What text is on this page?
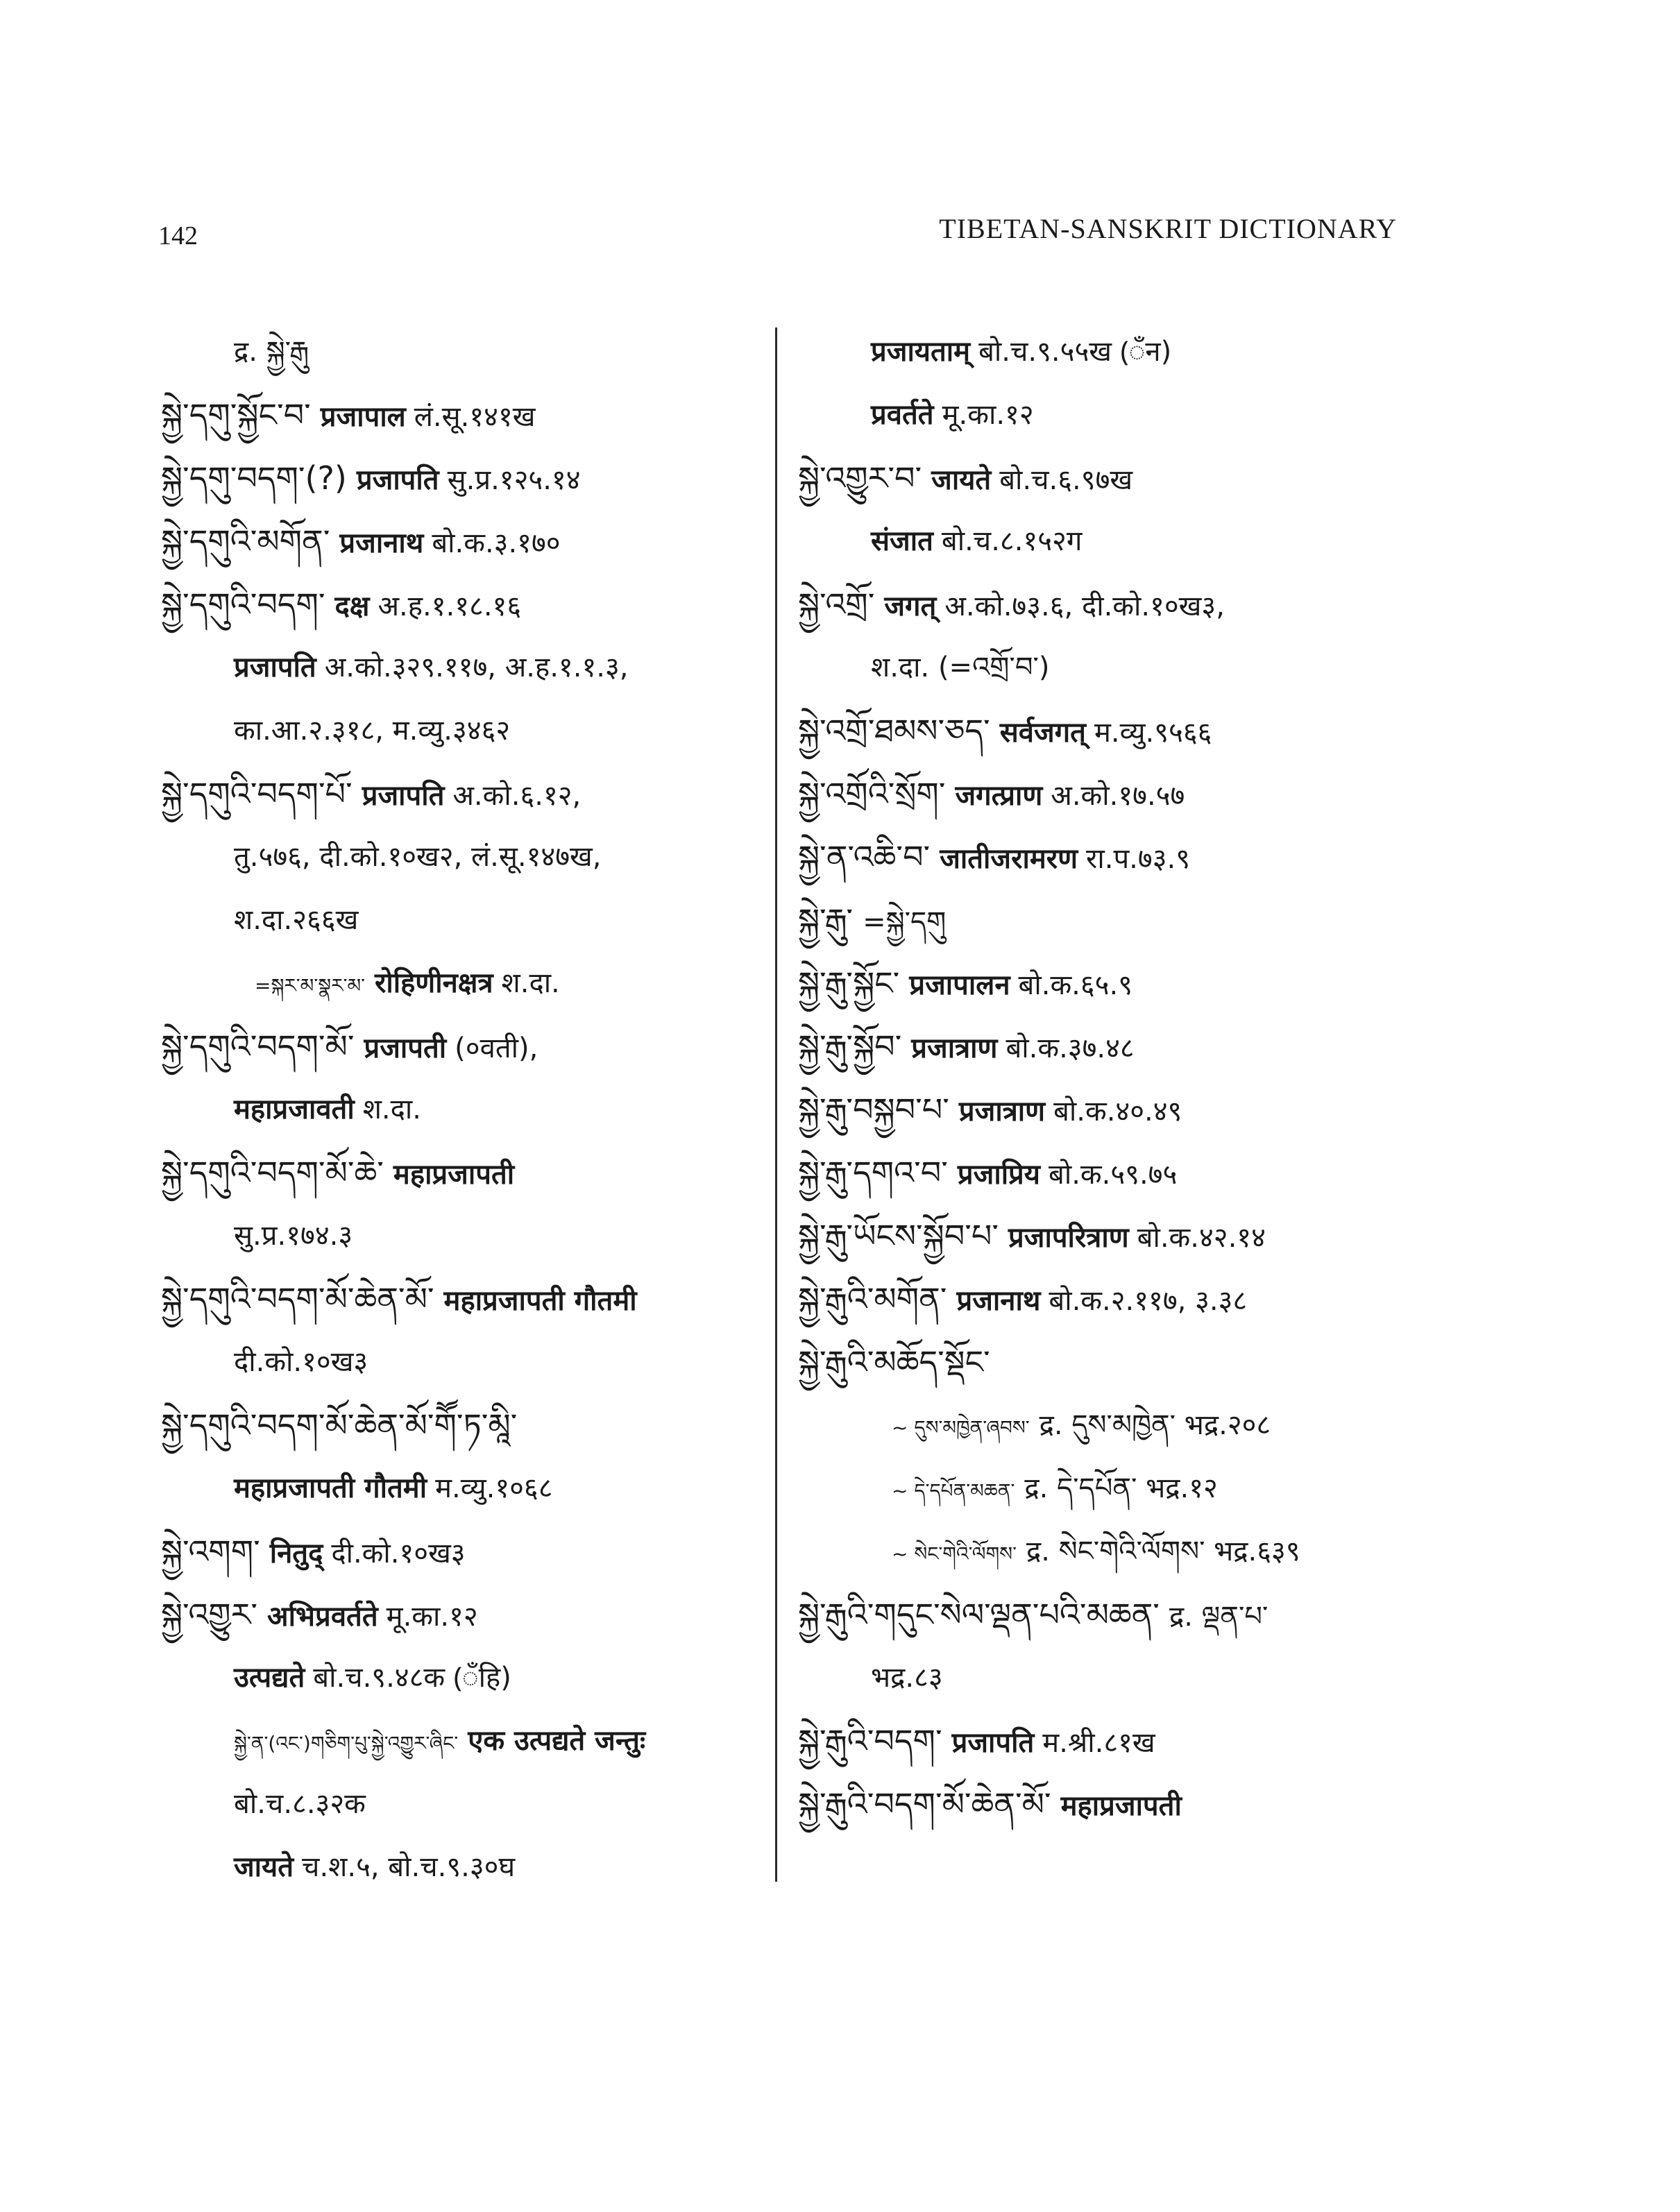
142	TIBETAN-SANSKRIT DICTIONARY
द्र. སྐྱེ་རྒུ
སྐྱེ་དགུ་སྐྱོང་བ་ प्रजापाल लं.सू.१४१ख
སྐྱེ་དགུ་བདག་(?) प्रजापति सु.प्र.१२५.१४
སྐྱེ་དགུའི་མགོན་ प्रजानाथ बो.क.३.१७०
སྐྱེ་དགུའི་བདག་ दक्ष अ.ह.१.१८.१६
प्रजापति अ.को.३२९.११७, अ.ह.१.१.३,
का.आ.२.३१८, म.व्यु.३४६२
སྐྱེ་དགུའི་བདག་པོ་ प्रजापति अ.को.६.१२,
तु.५७६, दी.को.१०ख२, लं.सू.१४७ख,
श.दा.२६६ख
=སྐར་མ་སྣར་མ་ रोहिणीनक्षत्र श.दा.
སྐྱེ་དགུའི་བདག་མོ་ प्रजापती (०वती),
महाप्रजावती श.दा.
སྐྱེ་དགུའི་བདག་མོ་ཆེ་ महाप्रजापती
सु.प्र.१७४.३
སྐྱེ་དགུའི་བདག་མོ་ཆེན་མོ་ महाप्रजापती गौतमी
दी.को.१०ख३
སྐྱེ་དགུའི་བདག་མོ་ཆེན་མོ་གཽ་ཏ་མཱི་
महाप्रजापती गौतमी म.व्यु.१०६८
སྐྱེ་འགག་ नितुद् दी.को.१०ख३
སྐྱེ་འགྱུར་ अभिप्रवर्तते मू.का.१२
उत्पद्यते बो.च.९.४८क (ँहि)
སྐྱེ་ན་(འང་)གཅིག་པུ་སྐྱེ་འགྱུར་ཞིང་ एक उत्पद्यते जन्तुः
बो.च.८.३२क
जायते च.श.५, बो.च.९.३०घ
प्रजायताम् बो.च.९.५५ख (ँन)
प्रवर्तते मू.का.१२
སྐྱེ་འགྱུར་བ་ जायते बो.च.६.९७ख
संजात बो.च.८.१५२ग
སྐྱེ་འགྲོ་ जगत् अ.को.७३.६, दी.को.१०ख३,
श.दा. (=འགྲོ་བ་)
སྐྱེ་འགྲོ་ཐམས་ཅད་ सर्वजगत् म.व्यु.९५६६
སྐྱེ་འགྲོའི་སྲོག་ जगत्प्राण अ.को.१७.५७
སྐྱེ་ན་འཆི་བ་ जातीजरामरण रा.प.७३.९
སྐྱེ་རྒུ་ =སྐྱེ་དགུ
སྐྱེ་རྒུ་སྐྱོང་ प्रजापालन बो.क.६५.९
སྐྱེ་རྒུ་སྐྱོབ་ प्रजात्राण बो.क.३७.४८
སྐྱེ་རྒུ་བསྐྱབ་པ་ प्रजात्राण बो.क.४०.४९
སྐྱེ་རྒུ་དགའ་བ་ प्रजाप्रिय बो.क.५९.७५
སྐྱེ་རྒུ་ཡོངས་སྐྱོབ་པ་ प्रजापरित्राण बो.क.४२.१४
སྐྱེ་རྒུའི་མགོན་ प्रजानाथ बो.क.२.११७, ३.३८
སྐྱེ་རྒུའི་མཆོད་སྡོང་
~ དུས་མཁྱེན་ཞབས་ द्र. དུས་མཁྱེན་ भद्र.२०८
~ དེ་དཔོན་མཆན་ द्र. དེ་དཔོན་ भद्र.१२
~ སེང་གེའི་ལོགས་ द्र. སེང་གེའི་ལོགས་ भद्र.६३९
སྐྱེ་རྒུའི་གདུང་སེལ་ལྡན་པའི་མཆན་ द्र. ལྡན་པ་
भद्र.८३
སྐྱེ་རྒུའི་བདག་ प्रजापति म.श्री.८१ख
སྐྱེ་རྒུའི་བདག་མོ་ཆེན་མོ་ महाप्रजापती
